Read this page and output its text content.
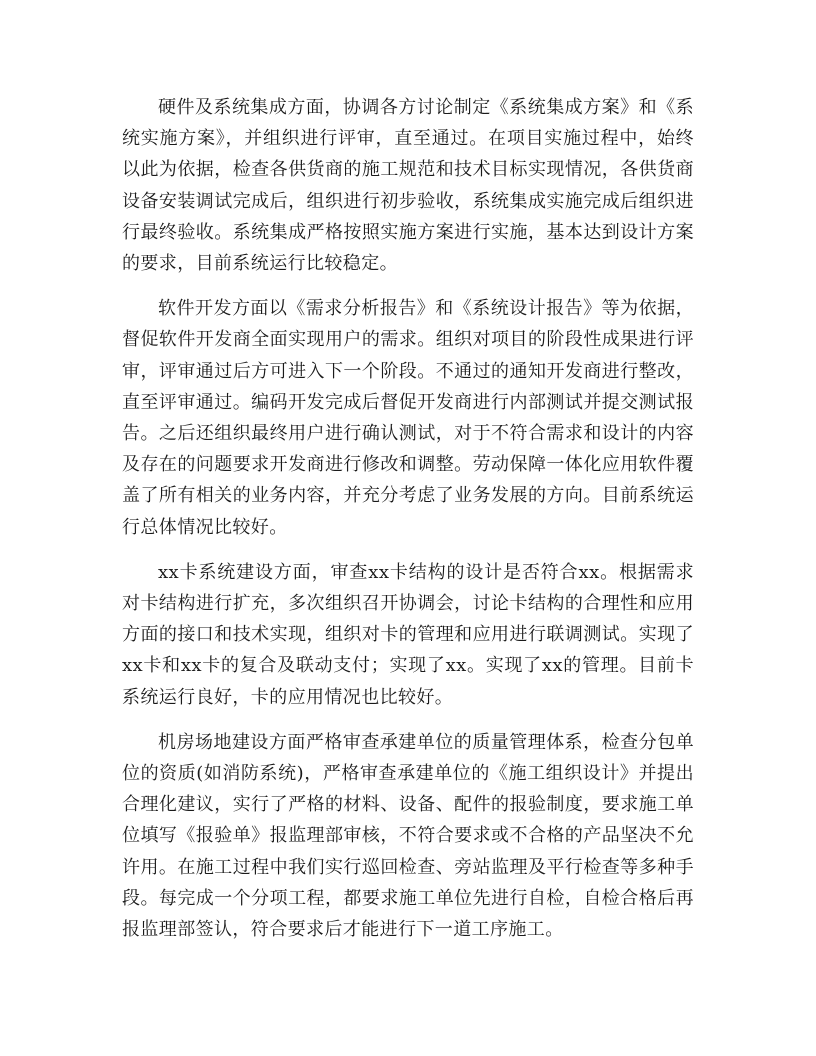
硬件及系统集成方面，协调各方讨论制定《系统集成方案》和《系统实施方案》，并组织进行评审，直至通过。在项目实施过程中，始终以此为依据，检查各供货商的施工规范和技术目标实现情况，各供货商设备安装调试完成后，组织进行初步验收，系统集成实施完成后组织进行最终验收。系统集成严格按照实施方案进行实施，基本达到设计方案的要求，目前系统运行比较稳定。

软件开发方面以《需求分析报告》和《系统设计报告》等为依据，督促软件开发商全面实现用户的需求。组织对项目的阶段性成果进行评审，评审通过后方可进入下一个阶段。不通过的通知开发商进行整改，直至评审通过。编码开发完成后督促开发商进行内部测试并提交测试报告。之后还组织最终用户进行确认测试，对于不符合需求和设计的内容及存在的问题要求开发商进行修改和调整。劳动保障一体化应用软件覆盖了所有相关的业务内容，并充分考虑了业务发展的方向。目前系统运行总体情况比较好。

xx卡系统建设方面，审查xx卡结构的设计是否符合xx。根据需求对卡结构进行扩充，多次组织召开协调会，讨论卡结构的合理性和应用方面的接口和技术实现，组织对卡的管理和应用进行联调测试。实现了xx卡和xx卡的复合及联动支付；实现了xx。实现了xx的管理。目前卡系统运行良好，卡的应用情况也比较好。

机房场地建设方面严格审查承建单位的质量管理体系，检查分包单位的资质(如消防系统)，严格审查承建单位的《施工组织设计》并提出合理化建议，实行了严格的材料、设备、配件的报验制度，要求施工单位填写《报验单》报监理部审核，不符合要求或不合格的产品坚决不允许用。在施工过程中我们实行巡回检查、旁站监理及平行检查等多种手段。每完成一个分项工程，都要求施工单位先进行自检，自检合格后再报监理部签认，符合要求后才能进行下一道工序施工。
